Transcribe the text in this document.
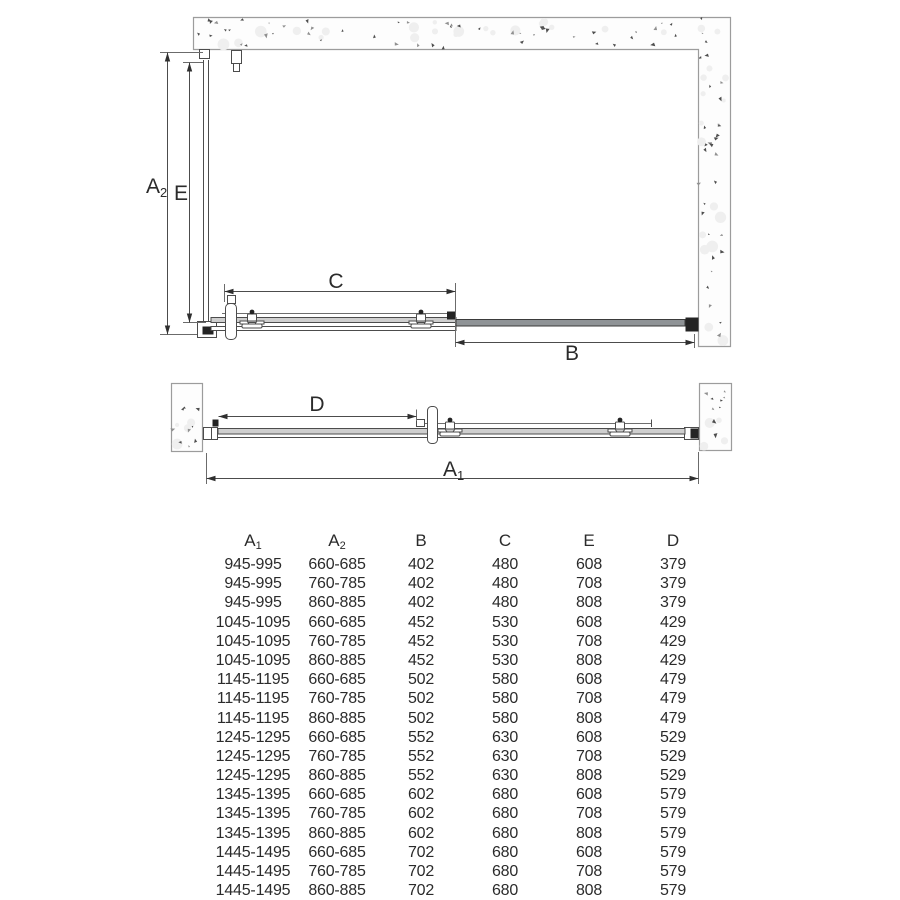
A2 E
C
B
D
A1
$A_1$	$A_2$	B	C	E	D
945-995	660-685	402	480	608	379
945-995	760-785	402	480	708	379
945-995	860-885	402	480	808	379
1045-1095	660-685	452	530	608	429
1045-1095	760-785	452	530	708	429
1045-1095	860-885	452	530	808	429
1145-1195	660-685	502	580	608	479
1145-1195	760-785	502	580	708	479
1145-1195	860-885	502	580	808	479
1245-1295	660-685	552	630	608	529
1245-1295	760-785	552	630	708	529
1245-1295	860-885	552	630	808	529
1345-1395	660-685	602	680	608	579
1345-1395	760-785	602	680	708	579
1345-1395	860-885	602	680	808	579
1445-1495	660-685	702	680	608	579
1445-1495	760-785	702	680	708	579
1445-1495	860-885	702	680	808	579
